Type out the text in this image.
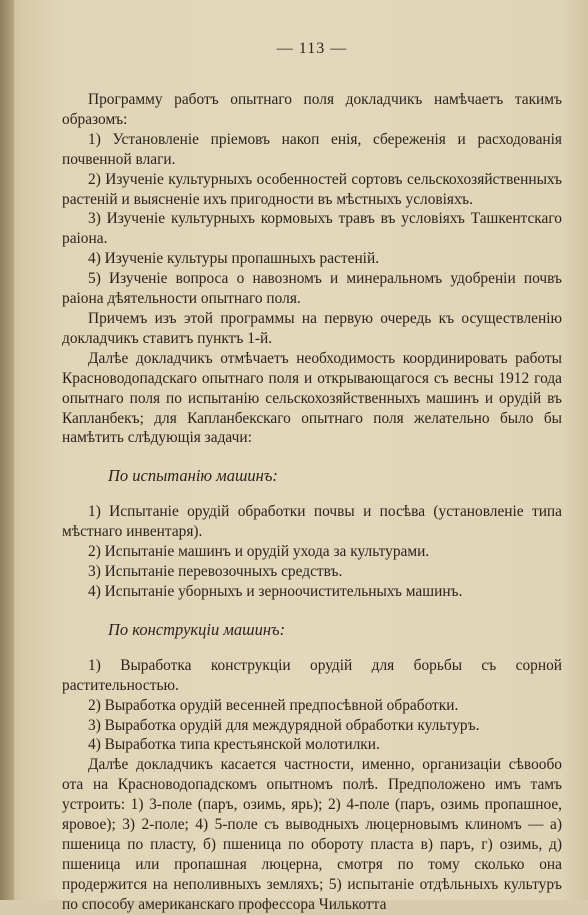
— 113 —

Программу работъ опытнаго поля докладчикъ намѣчаетъ такимъ образомъ:

1) Установленіе пріемовъ накоп енія, сбереженія и расходованія почвенной влаги.

2) Изученіе культурныхъ особенностей сортовъ сельскохозяйственныхъ растеній и выясненіе ихъ пригодности въ мѣстныхъ условіяхъ.

3) Изученіе культурныхъ кормовыхъ травъ въ условіяхъ Ташкентскаго раіона.

4) Изученіе культуры пропашныхъ растеній.

5) Изученіе вопроса о навозномъ и минеральномъ удобреніи почвъ раіона дѣятельности опытнаго поля.

Причемъ изъ этой программы на первую очередь къ осуществленію докладчикъ ставитъ пунктъ 1-й.

Далѣе докладчикъ отмѣчаетъ необходимость координировать работы Красноводопадскаго опытнаго поля и открывающагося съ весны 1912 года опытнаго поля по испытанію сельскохозяйственныхъ машинъ и орудій въ Капланбекъ; для Капланбекскаго опытнаго поля желательно было бы намѣтить слѣдующія задачи:

По испытанію машинъ:

1) Испытаніе орудій обработки почвы и посѣва (установленіе типа мѣстнаго инвентаря).

2) Испытаніе машинъ и орудій ухода за культурами.

3) Испытаніе перевозочныхъ средствъ.

4) Испытаніе уборныхъ и зерноочистительныхъ машинъ.

По конструкціи машинъ:

1) Выработка конструкціи орудій для борьбы съ сорной растительностью.

2) Выработка орудій весенней предпосѣвной обработки.

3) Выработка орудій для междурядной обработки культуръ.

4) Выработка типа крестьянской молотилки.

Далѣе докладчикъ касается частности, именно, организаціи сѣвообо ота на Красноводопадскомъ опытномъ полѣ. Предположено имъ тамъ устроить: 1) 3-поле (паръ, озимь, ярь); 2) 4-поле (паръ, озимь пропашное, яровое); 3) 2-поле; 4) 5-поле съ выводныхъ люцерновымъ клиномъ — а) пшеница по пласту, б) пшеница по обороту пласта в) паръ, г) озимь, д) пшеница или пропашная люцерна, смотря по тому сколько она продержится на неполивныхъ земляхъ; 5) испытаніе отдѣльныхъ культуръ по способу американскаго профессора Чилькотта
